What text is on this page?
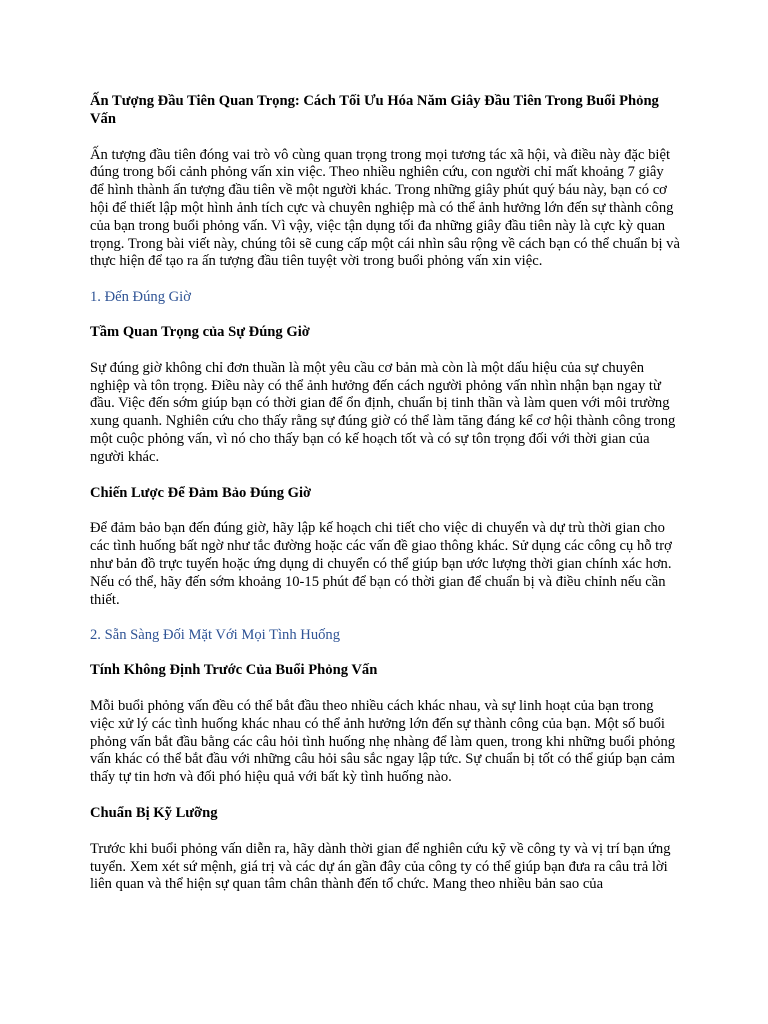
Ấn Tượng Đầu Tiên Quan Trọng: Cách Tối Ưu Hóa Năm Giây Đầu Tiên Trong Buổi Phỏng Vấn

Ấn tượng đầu tiên đóng vai trò vô cùng quan trọng trong mọi tương tác xã hội, và điều này đặc biệt đúng trong bối cảnh phỏng vấn xin việc. Theo nhiều nghiên cứu, con người chỉ mất khoảng 7 giây để hình thành ấn tượng đầu tiên về một người khác. Trong những giây phút quý báu này, bạn có cơ hội để thiết lập một hình ảnh tích cực và chuyên nghiệp mà có thể ảnh hưởng lớn đến sự thành công của bạn trong buổi phỏng vấn. Vì vậy, việc tận dụng tối đa những giây đầu tiên này là cực kỳ quan trọng. Trong bài viết này, chúng tôi sẽ cung cấp một cái nhìn sâu rộng về cách bạn có thể chuẩn bị và thực hiện để tạo ra ấn tượng đầu tiên tuyệt vời trong buổi phỏng vấn xin việc.

1. Đến Đúng Giờ
Tầm Quan Trọng của Sự Đúng Giờ

Sự đúng giờ không chỉ đơn thuần là một yêu cầu cơ bản mà còn là một dấu hiệu của sự chuyên nghiệp và tôn trọng. Điều này có thể ảnh hưởng đến cách người phỏng vấn nhìn nhận bạn ngay từ đầu. Việc đến sớm giúp bạn có thời gian để ổn định, chuẩn bị tinh thần và làm quen với môi trường xung quanh. Nghiên cứu cho thấy rằng sự đúng giờ có thể làm tăng đáng kể cơ hội thành công trong một cuộc phỏng vấn, vì nó cho thấy bạn có kế hoạch tốt và có sự tôn trọng đối với thời gian của người khác.

Chiến Lược Để Đảm Bảo Đúng Giờ

Để đảm bảo bạn đến đúng giờ, hãy lập kế hoạch chi tiết cho việc di chuyển và dự trù thời gian cho các tình huống bất ngờ như tắc đường hoặc các vấn đề giao thông khác. Sử dụng các công cụ hỗ trợ như bản đồ trực tuyến hoặc ứng dụng di chuyển có thể giúp bạn ước lượng thời gian chính xác hơn. Nếu có thể, hãy đến sớm khoảng 10-15 phút để bạn có thời gian để chuẩn bị và điều chỉnh nếu cần thiết.

2. Sẵn Sàng Đối Mặt Với Mọi Tình Huống
Tính Không Định Trước Của Buổi Phỏng Vấn

Mỗi buổi phỏng vấn đều có thể bắt đầu theo nhiều cách khác nhau, và sự linh hoạt của bạn trong việc xử lý các tình huống khác nhau có thể ảnh hưởng lớn đến sự thành công của bạn. Một số buổi phỏng vấn bắt đầu bằng các câu hỏi tình huống nhẹ nhàng để làm quen, trong khi những buổi phỏng vấn khác có thể bắt đầu với những câu hỏi sâu sắc ngay lập tức. Sự chuẩn bị tốt có thể giúp bạn cảm thấy tự tin hơn và đối phó hiệu quả với bất kỳ tình huống nào.

Chuẩn Bị Kỹ Lưỡng

Trước khi buổi phỏng vấn diễn ra, hãy dành thời gian để nghiên cứu kỹ về công ty và vị trí bạn ứng tuyển. Xem xét sứ mệnh, giá trị và các dự án gần đây của công ty có thể giúp bạn đưa ra câu trả lời liên quan và thể hiện sự quan tâm chân thành đến tổ chức. Mang theo nhiều bản sao của
